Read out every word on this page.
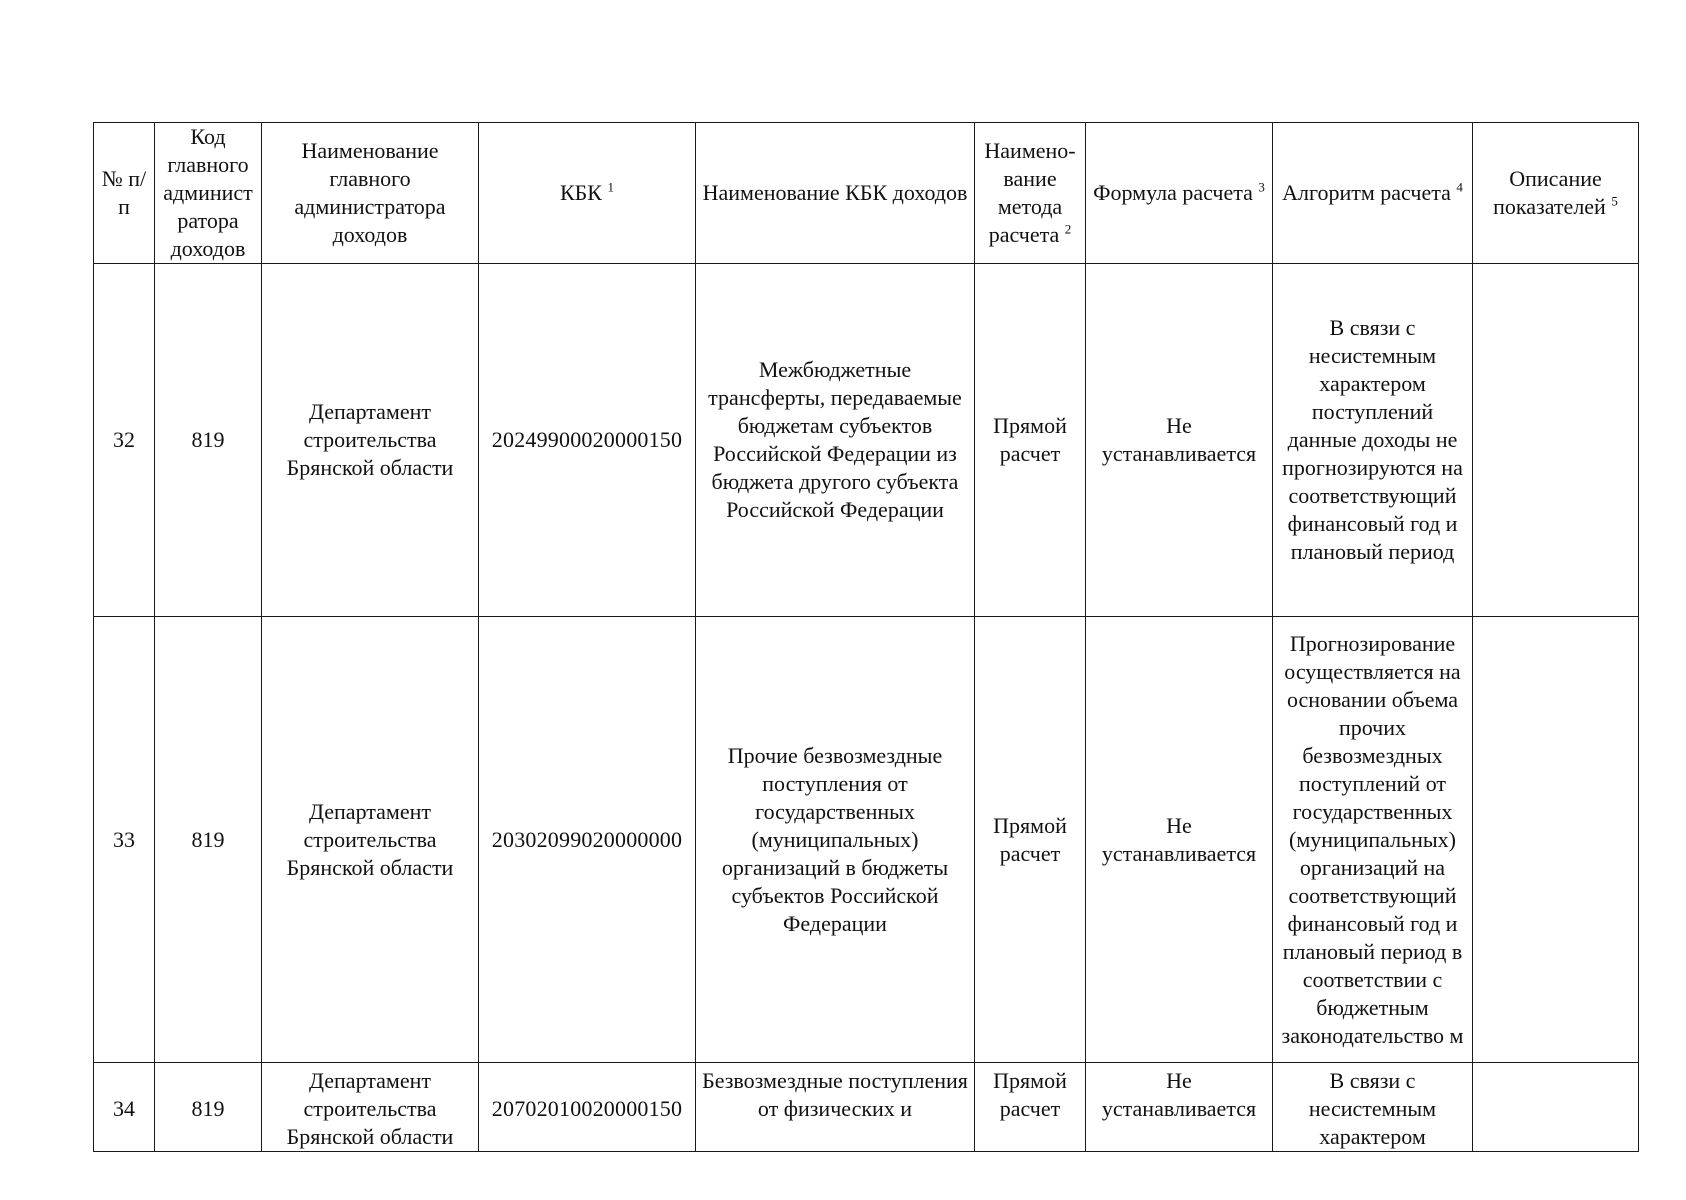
№ п/п	Код главного админист ратора доходов	Наименование главного администратора доходов	КБК $^1$	Наименование КБК доходов	Наимено- вание метода расчета $^2$	Формула расчета $^3$	Алгоритм расчета $^4$	Описание показателей $^5$
32	819	Департамент строительства Брянской области	20249900020000150	Межбюджетные трансферты, передаваемые бюджетам субъектов Российской Федерации из бюджета другого субъекта Российской Федерации	Прямой расчет	Не устанавливается	В связи с несистемным характером поступлений данные доходы не прогнозируются на соответствующий финансовый год и плановый период	
33	819	Департамент строительства Брянской области	20302099020000000	Прочие безвозмездные поступления от государственных (муниципальных) организаций в бюджеты субъектов Российской Федерации	Прямой расчет	Не устанавливается	Прогнозирование осуществляется на основании объема прочих безвозмездных поступлений от государственных (муниципальных) организаций на соответствующий финансовый год и плановый период в соответствии с бюджетным законодательство м	
34	819	Департамент строительства Брянской области	20702010020000150	Безвозмездные поступления от физических и	Прямой расчет	Не устанавливается	В связи с несистемным характером	
